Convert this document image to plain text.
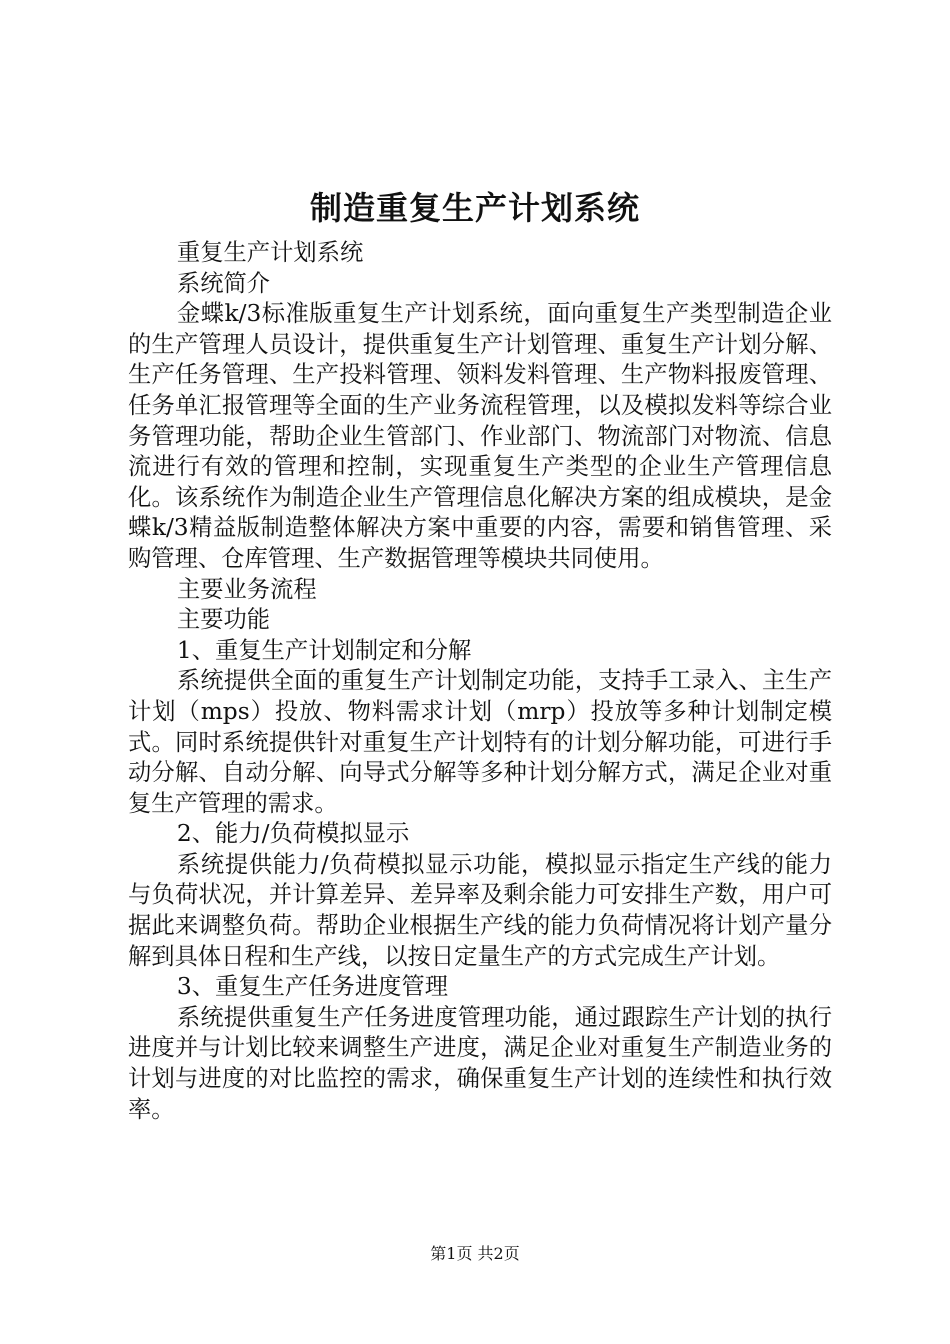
制造重复生产计划系统

重复生产计划系统

系统简介

金蝶k/3标准版重复生产计划系统，面向重复生产类型制造企业的生产管理人员设计，提供重复生产计划管理、重复生产计划分解、生产任务管理、生产投料管理、领料发料管理、生产物料报废管理、任务单汇报管理等全面的生产业务流程管理，以及模拟发料等综合业务管理功能，帮助企业生管部门、作业部门、物流部门对物流、信息流进行有效的管理和控制，实现重复生产类型的企业生产管理信息化。该系统作为制造企业生产管理信息化解决方案的组成模块，是金蝶k/3精益版制造整体解决方案中重要的内容，需要和销售管理、采购管理、仓库管理、生产数据管理等模块共同使用。

主要业务流程

主要功能

1、重复生产计划制定和分解

系统提供全面的重复生产计划制定功能，支持手工录入、主生产计划（mps）投放、物料需求计划（mrp）投放等多种计划制定模式。同时系统提供针对重复生产计划特有的计划分解功能，可进行手动分解、自动分解、向导式分解等多种计划分解方式，满足企业对重复生产管理的需求。

2、能力/负荷模拟显示

系统提供能力/负荷模拟显示功能，模拟显示指定生产线的能力与负荷状况，并计算差异、差异率及剩余能力可安排生产数，用户可据此来调整负荷。帮助企业根据生产线的能力负荷情况将计划产量分解到具体日程和生产线，以按日定量生产的方式完成生产计划。

3、重复生产任务进度管理

系统提供重复生产任务进度管理功能，通过跟踪生产计划的执行进度并与计划比较来调整生产进度，满足企业对重复生产制造业务的计划与进度的对比监控的需求，确保重复生产计划的连续性和执行效率。

第1页 共2页
